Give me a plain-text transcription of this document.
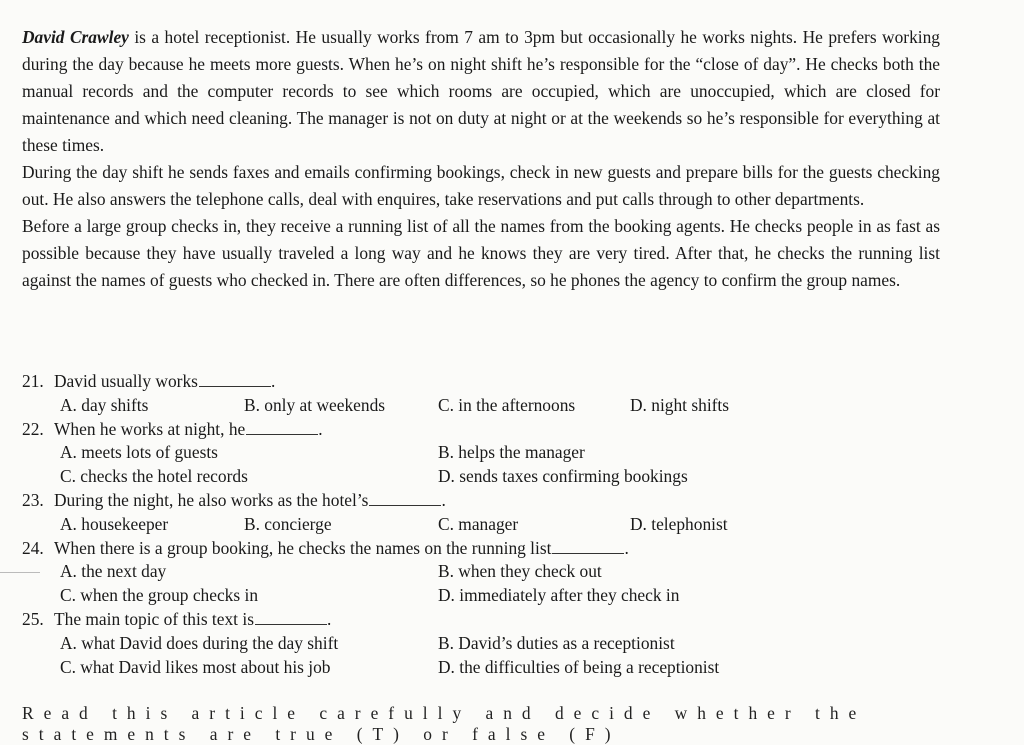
David Crawley is a hotel receptionist. He usually works from 7 am to 3pm but occasionally he works nights. He prefers working during the day because he meets more guests. When he’s on night shift he’s responsible for the “close of day”. He checks both the manual records and the computer records to see which rooms are occupied, which are unoccupied, which are closed for maintenance and which need cleaning. The manager is not on duty at night or at the weekends so he’s responsible for everything at these times.

During the day shift he sends faxes and emails confirming bookings, check in new guests and prepare bills for the guests checking out. He also answers the telephone calls, deal with enquires, take reservations and put calls through to other departments.

Before a large group checks in, they receive a running list of all the names from the booking agents. He checks people in as fast as possible because they have usually traveled a long way and he knows they are very tired. After that, he checks the running list against the names of guests who checked in. There are often differences, so he phones the agency to confirm the group names.

21. David usually works	.
A. day shifts	B. only at weekends	C. in the afternoons	D. night shifts
22. When he works at night, he	.
A. meets lots of guests	B. helps the manager
C. checks the hotel records	D. sends taxes confirming bookings
23. During the night, he also works as the hotel’s	.
A. housekeeper	B. concierge	C. manager	D. telephonist
24. When there is a group booking, he checks the names on the running list	.
A. the next day	B. when they check out
C. when the group checks in	D. immediately after they check in
25. The main topic of this text is	.
A. what David does during the day shift	B. David’s duties as a receptionist
C. what David likes most about his job	D. the difficulties of being a receptionist
Read this article carefully and decide whether the statements are true (T) or false (F)
